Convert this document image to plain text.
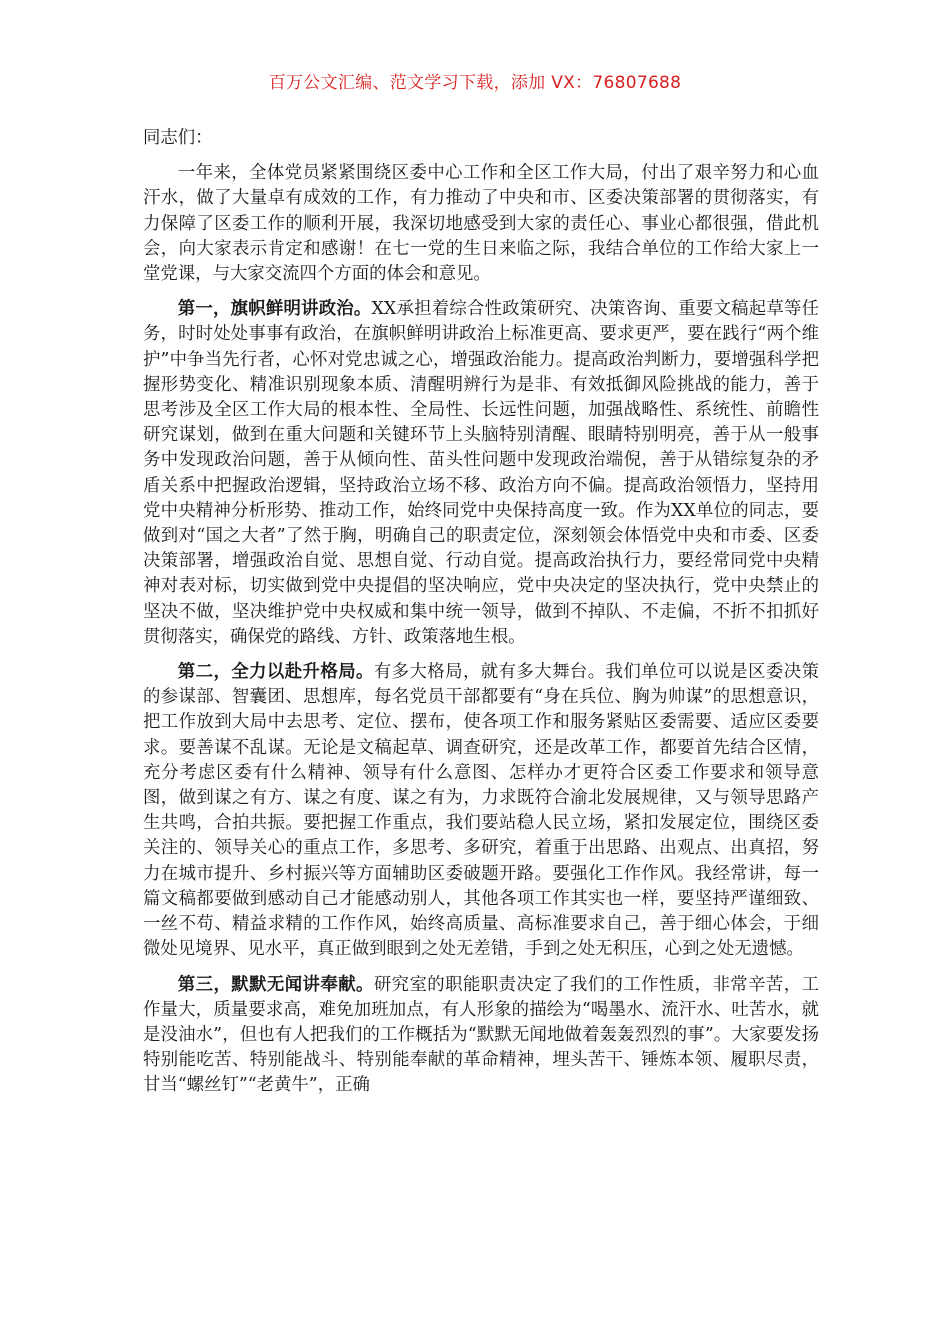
百万公文汇编、范文学习下载，添加 VX：76807688

同志们：

一年来，全体党员紧紧围绕区委中心工作和全区工作大局，付出了艰辛努力和心血汗水，做了大量卓有成效的工作，有力推动了中央和市、区委决策部署的贯彻落实，有力保障了区委工作的顺利开展，我深切地感受到大家的责任心、事业心都很强，借此机会，向大家表示肯定和感谢！在七一党的生日来临之际，我结合单位的工作给大家上一堂党课，与大家交流四个方面的体会和意见。

第一，旗帜鲜明讲政治。XX承担着综合性政策研究、决策咨询、重要文稿起草等任务，时时处处事事有政治，在旗帜鲜明讲政治上标准更高、要求更严，要在践行“两个维护”中争当先行者，心怀对党忠诚之心，增强政治能力。提高政治判断力，要增强科学把握形势变化、精准识别现象本质、清醒明辨行为是非、有效抵御风险挑战的能力，善于思考涉及全区工作大局的根本性、全局性、长远性问题，加强战略性、系统性、前瞻性研究谋划，做到在重大问题和关键环节上头脑特别清醒、眼睛特别明亮，善于从一般事务中发现政治问题，善于从倾向性、苗头性问题中发现政治端倪，善于从错综复杂的矛盾关系中把握政治逻辑，坚持政治立场不移、政治方向不偏。提高政治领悟力，坚持用党中央精神分析形势、推动工作，始终同党中央保持高度一致。作为XX单位的同志，要做到对“国之大者”了然于胸，明确自己的职责定位，深刻领会体悟党中央和市委、区委决策部署，增强政治自觉、思想自觉、行动自觉。提高政治执行力，要经常同党中央精神对表对标，切实做到党中央提倡的坚决响应，党中央决定的坚决执行，党中央禁止的坚决不做，坚决维护党中央权威和集中统一领导，做到不掉队、不走偏，不折不扣抓好贯彻落实，确保党的路线、方针、政策落地生根。

第二，全力以赴升格局。有多大格局，就有多大舞台。我们单位可以说是区委决策的参谋部、智囊团、思想库，每名党员干部都要有“身在兵位、胸为帅谋”的思想意识，把工作放到大局中去思考、定位、摆布，使各项工作和服务紧贴区委需要、适应区委要求。要善谋不乱谋。无论是文稿起草、调查研究，还是改革工作，都要首先结合区情，充分考虑区委有什么精神、领导有什么意图、怎样办才更符合区委工作要求和领导意图，做到谋之有方、谋之有度、谋之有为，力求既符合渝北发展规律，又与领导思路产生共鸣，合拍共振。要把握工作重点，我们要站稳人民立场，紧扣发展定位，围绕区委关注的、领导关心的重点工作，多思考、多研究，着重于出思路、出观点、出真招，努力在城市提升、乡村振兴等方面辅助区委破题开路。要强化工作作风。我经常讲，每一篇文稿都要做到感动自己才能感动别人，其他各项工作其实也一样，要坚持严谨细致、一丝不苟、精益求精的工作作风，始终高质量、高标准要求自己，善于细心体会，于细微处见境界、见水平，真正做到眼到之处无差错，手到之处无积压，心到之处无遗憾。

第三，默默无闻讲奉献。研究室的职能职责决定了我们的工作性质，非常辛苦，工作量大，质量要求高，难免加班加点，有人形象的描绘为“喝墨水、流汗水、吐苦水，就是没油水”，但也有人把我们的工作概括为“默默无闻地做着轰轰烈烈的事”。大家要发扬特别能吃苦、特别能战斗、特别能奉献的革命精神，埋头苦干、锤炼本领、履职尽责，甘当“螺丝钉”“老黄牛”，正确
